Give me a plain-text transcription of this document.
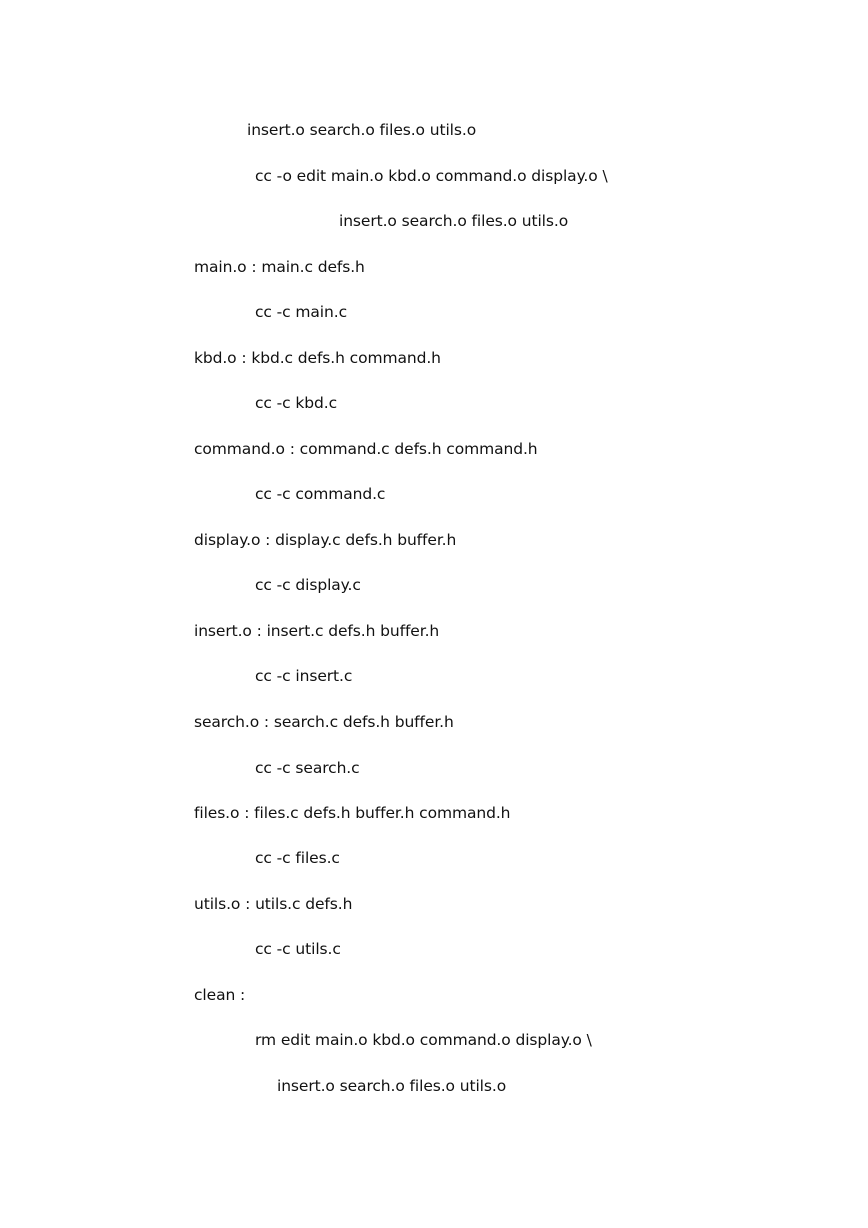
insert.o search.o files.o utils.o
cc -o edit main.o kbd.o command.o display.o \
insert.o search.o files.o utils.o
main.o : main.c defs.h
cc -c main.c
kbd.o : kbd.c defs.h command.h
cc -c kbd.c
command.o : command.c defs.h command.h
cc -c command.c
display.o : display.c defs.h buffer.h
cc -c display.c
insert.o : insert.c defs.h buffer.h
cc -c insert.c
search.o : search.c defs.h buffer.h
cc -c search.c
files.o : files.c defs.h buffer.h command.h
cc -c files.c
utils.o : utils.c defs.h
cc -c utils.c
clean :
rm edit main.o kbd.o command.o display.o \
insert.o search.o files.o utils.o
